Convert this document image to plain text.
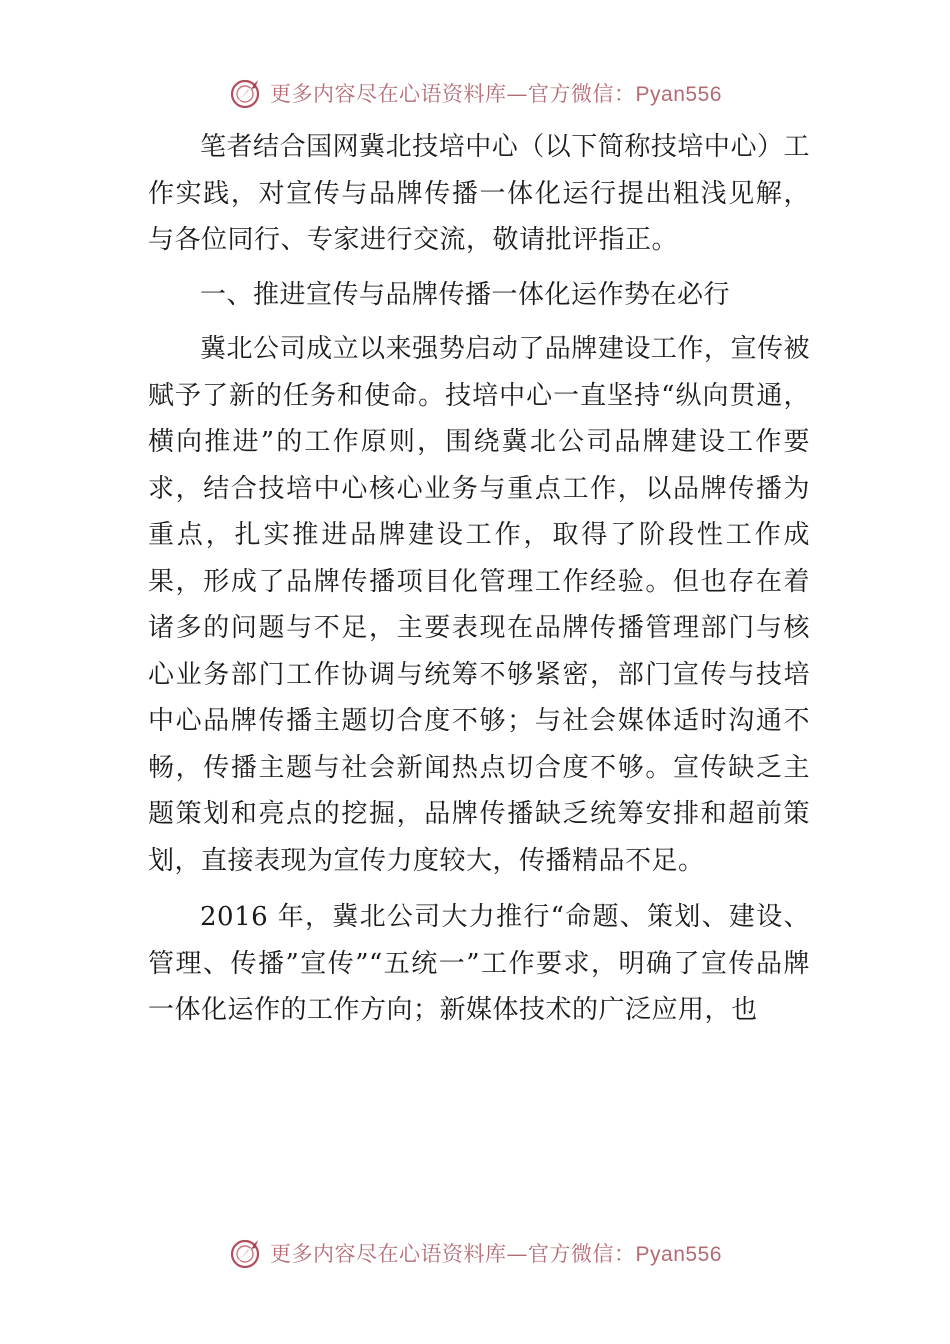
更多内容尽在心语资料库—官方微信：Pyan556

笔者结合国网冀北技培中心（以下简称技培中心）工作实践，对宣传与品牌传播一体化运行提出粗浅见解，与各位同行、专家进行交流，敬请批评指正。

一、推进宣传与品牌传播一体化运作势在必行

冀北公司成立以来强势启动了品牌建设工作，宣传被赋予了新的任务和使命。技培中心一直坚持“纵向贯通，横向推进”的工作原则，围绕冀北公司品牌建设工作要求，结合技培中心核心业务与重点工作，以品牌传播为重点，扎实推进品牌建设工作，取得了阶段性工作成果，形成了品牌传播项目化管理工作经验。但也存在着诸多的问题与不足，主要表现在品牌传播管理部门与核心业务部门工作协调与统筹不够紧密，部门宣传与技培中心品牌传播主题切合度不够；与社会媒体适时沟通不畅，传播主题与社会新闻热点切合度不够。宣传缺乏主题策划和亮点的挖掘，品牌传播缺乏统筹安排和超前策划，直接表现为宣传力度较大，传播精品不足。

2016 年，冀北公司大力推行“命题、策划、建设、管理、传播”宣传”“五统一”工作要求，明确了宣传品牌一体化运作的工作方向；新媒体技术的广泛应用，也

更多内容尽在心语资料库—官方微信：Pyan556
